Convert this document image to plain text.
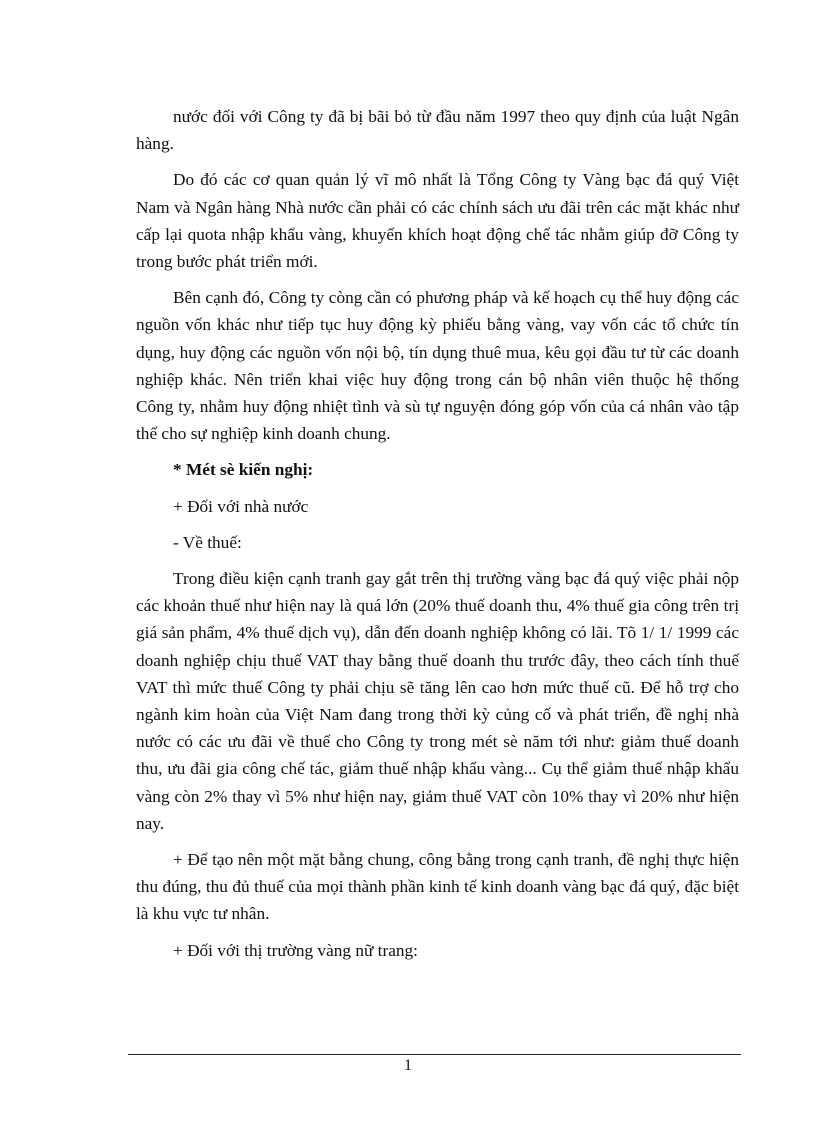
nước đối với Công ty đã bị bãi bỏ từ đầu năm 1997 theo quy định của luật Ngân hàng.

Do đó các cơ quan quản lý vĩ mô nhất là Tổng Công ty Vàng bạc đá quý Việt Nam và Ngân hàng Nhà nước cần phải có các chính sách ưu đãi trên các mặt khác như cấp lại quota nhập khẩu vàng, khuyến khích hoạt động chế tác nhằm giúp đỡ Công ty trong bước phát triển mới.

Bên cạnh đó, Công ty còng cần có phương pháp và kế hoạch cụ thể huy động các nguồn vốn khác như tiếp tục huy động kỳ phiếu bằng vàng, vay vốn các tổ chức tín dụng, huy động các nguồn vốn nội bộ, tín dụng thuê mua, kêu gọi đầu tư từ các doanh nghiệp khác. Nên triển khai việc huy động trong cán bộ nhân viên thuộc hệ thống Công ty, nhằm huy động nhiệt tình và sù tự nguyện đóng góp vốn của cá nhân vào tập thể cho sự nghiệp kinh doanh chung.

* Mét sè kiến nghị:

+ Đối với nhà nước

- Về thuế:

Trong điều kiện cạnh tranh gay gắt trên thị trường vàng bạc đá quý việc phải nộp các khoản thuế như hiện nay là quá lớn (20% thuế doanh thu, 4% thuế gia công trên trị giá sản phẩm, 4% thuế dịch vụ), dẫn đến doanh nghiệp không có lãi. Tõ 1/ 1/ 1999 các doanh nghiệp chịu thuế VAT thay bằng thuế doanh thu trước đây, theo cách tính thuế VAT thì mức thuế Công ty phải chịu sẽ tăng lên cao hơn mức thuế cũ. Để hỗ trợ cho ngành kim hoàn của Việt Nam đang trong thời kỳ củng cố và phát triển, đề nghị nhà nước có các ưu đãi về thuế cho Công ty trong mét sè năm tới như: giảm thuế doanh thu, ưu đãi gia công chế tác, giảm thuế nhập khẩu vàng... Cụ thể giảm thuế nhập khẩu vàng còn 2% thay vì 5% như hiện nay, giảm thuế VAT còn 10% thay vì 20% như hiện nay.

+ Để tạo nên một mặt bằng chung, công bằng trong cạnh tranh, đề nghị thực hiện thu đúng, thu đủ thuế của mọi thành phần kinh tế kinh doanh vàng bạc đá quý, đặc biệt là khu vực tư nhân.

+ Đối với thị trường vàng nữ trang:

1
